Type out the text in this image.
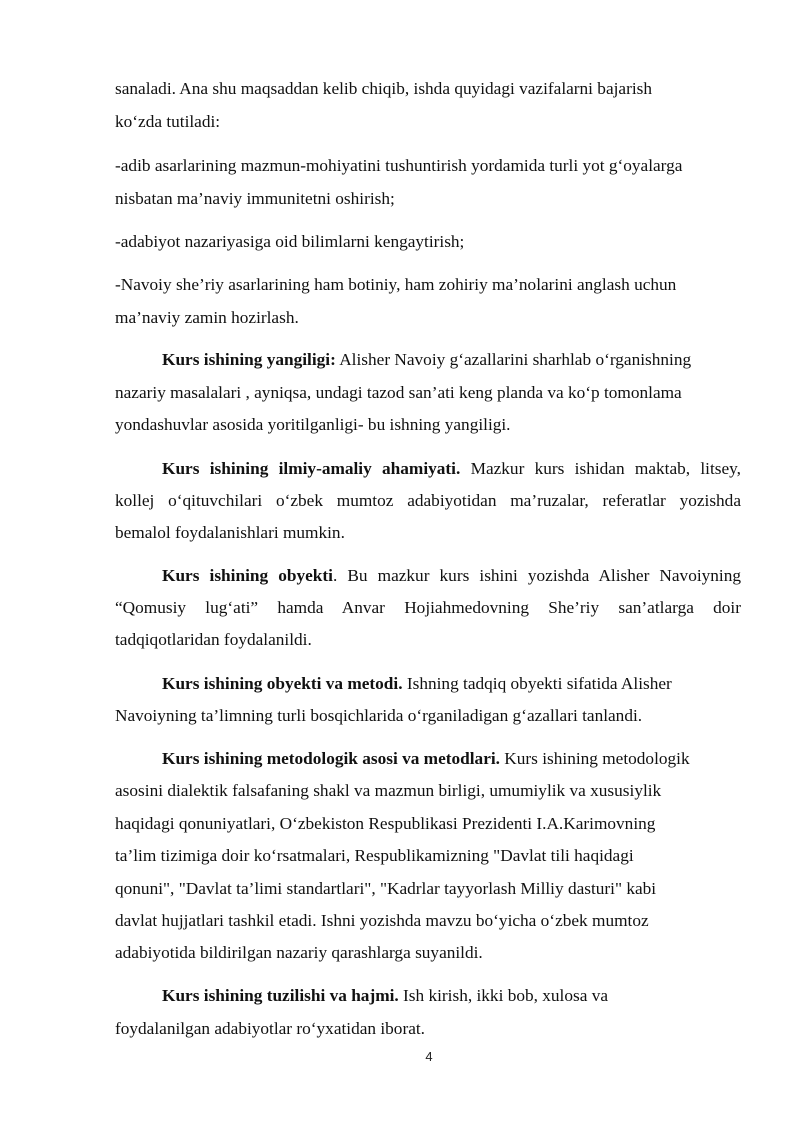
sanaladi. Ana shu maqsaddan kelib chiqib, ishda quyidagi vazifalarni bajarish
ko‘zda tutiladi:
-adib asarlarining mazmun-mohiyatini tushuntirish yordamida turli yot g‘oyalarga
nisbatan ma’naviy immunitetni oshirish;
-adabiyot nazariyasiga oid bilimlarni kengaytirish;
-Navoiy she’riy asarlarining ham botiniy, ham zohiriy ma’nolarini anglash uchun
ma’naviy zamin hozirlash.
Kurs ishining yangiligi: Alisher Navoiy g‘azallarini sharhlab o‘rganishning
nazariy masalalari , ayniqsa, undagi tazod san’ati keng planda va ko‘p tomonlama
yondashuvlar asosida yoritilganligi- bu ishning yangiligi.
Kurs ishining ilmiy-amaliy ahamiyati. Mazkur kurs ishidan maktab, litsey,
kollej o‘qituvchilari o‘zbek mumtoz adabiyotidan ma’ruzalar, referatlar yozishda
bemalol foydalanishlari mumkin.
Kurs ishining obyekti. Bu mazkur kurs ishini yozishda Alisher Navoiyning
“Qomusiy lug‘ati” hamda Anvar Hojiahmedovning She’riy san’atlarga doir
tadqiqotlaridan foydalanildi.
Kurs ishining obyekti va metodi. Ishning tadqiq obyekti sifatida Alisher
Navoiyning ta’limning turli bosqichlarida o‘rganiladigan g‘azallari tanlandi.
Kurs ishining metodologik asosi va metodlari. Kurs ishining metodologik
asosini dialektik falsafaning shakl va mazmun birligi, umumiylik va xususiylik
haqidagi qonuniyatlari, O‘zbekiston Respublikasi Prezidenti I.A.Karimovning
ta’lim tizimiga doir ko‘rsatmalari, Respublikamizning "Davlat tili haqidagi
qonuni", "Davlat ta’limi standartlari", "Kadrlar tayyorlash Milliy dasturi" kabi
davlat hujjatlari tashkil etadi. Ishni yozishda mavzu bo‘yicha o‘zbek mumtoz
adabiyotida bildirilgan nazariy qarashlarga suyanildi.
Kurs ishining tuzilishi va hajmi. Ish kirish, ikki bob, xulosa va
foydalanilgan adabiyotlar ro‘yxatidan iborat.
4
